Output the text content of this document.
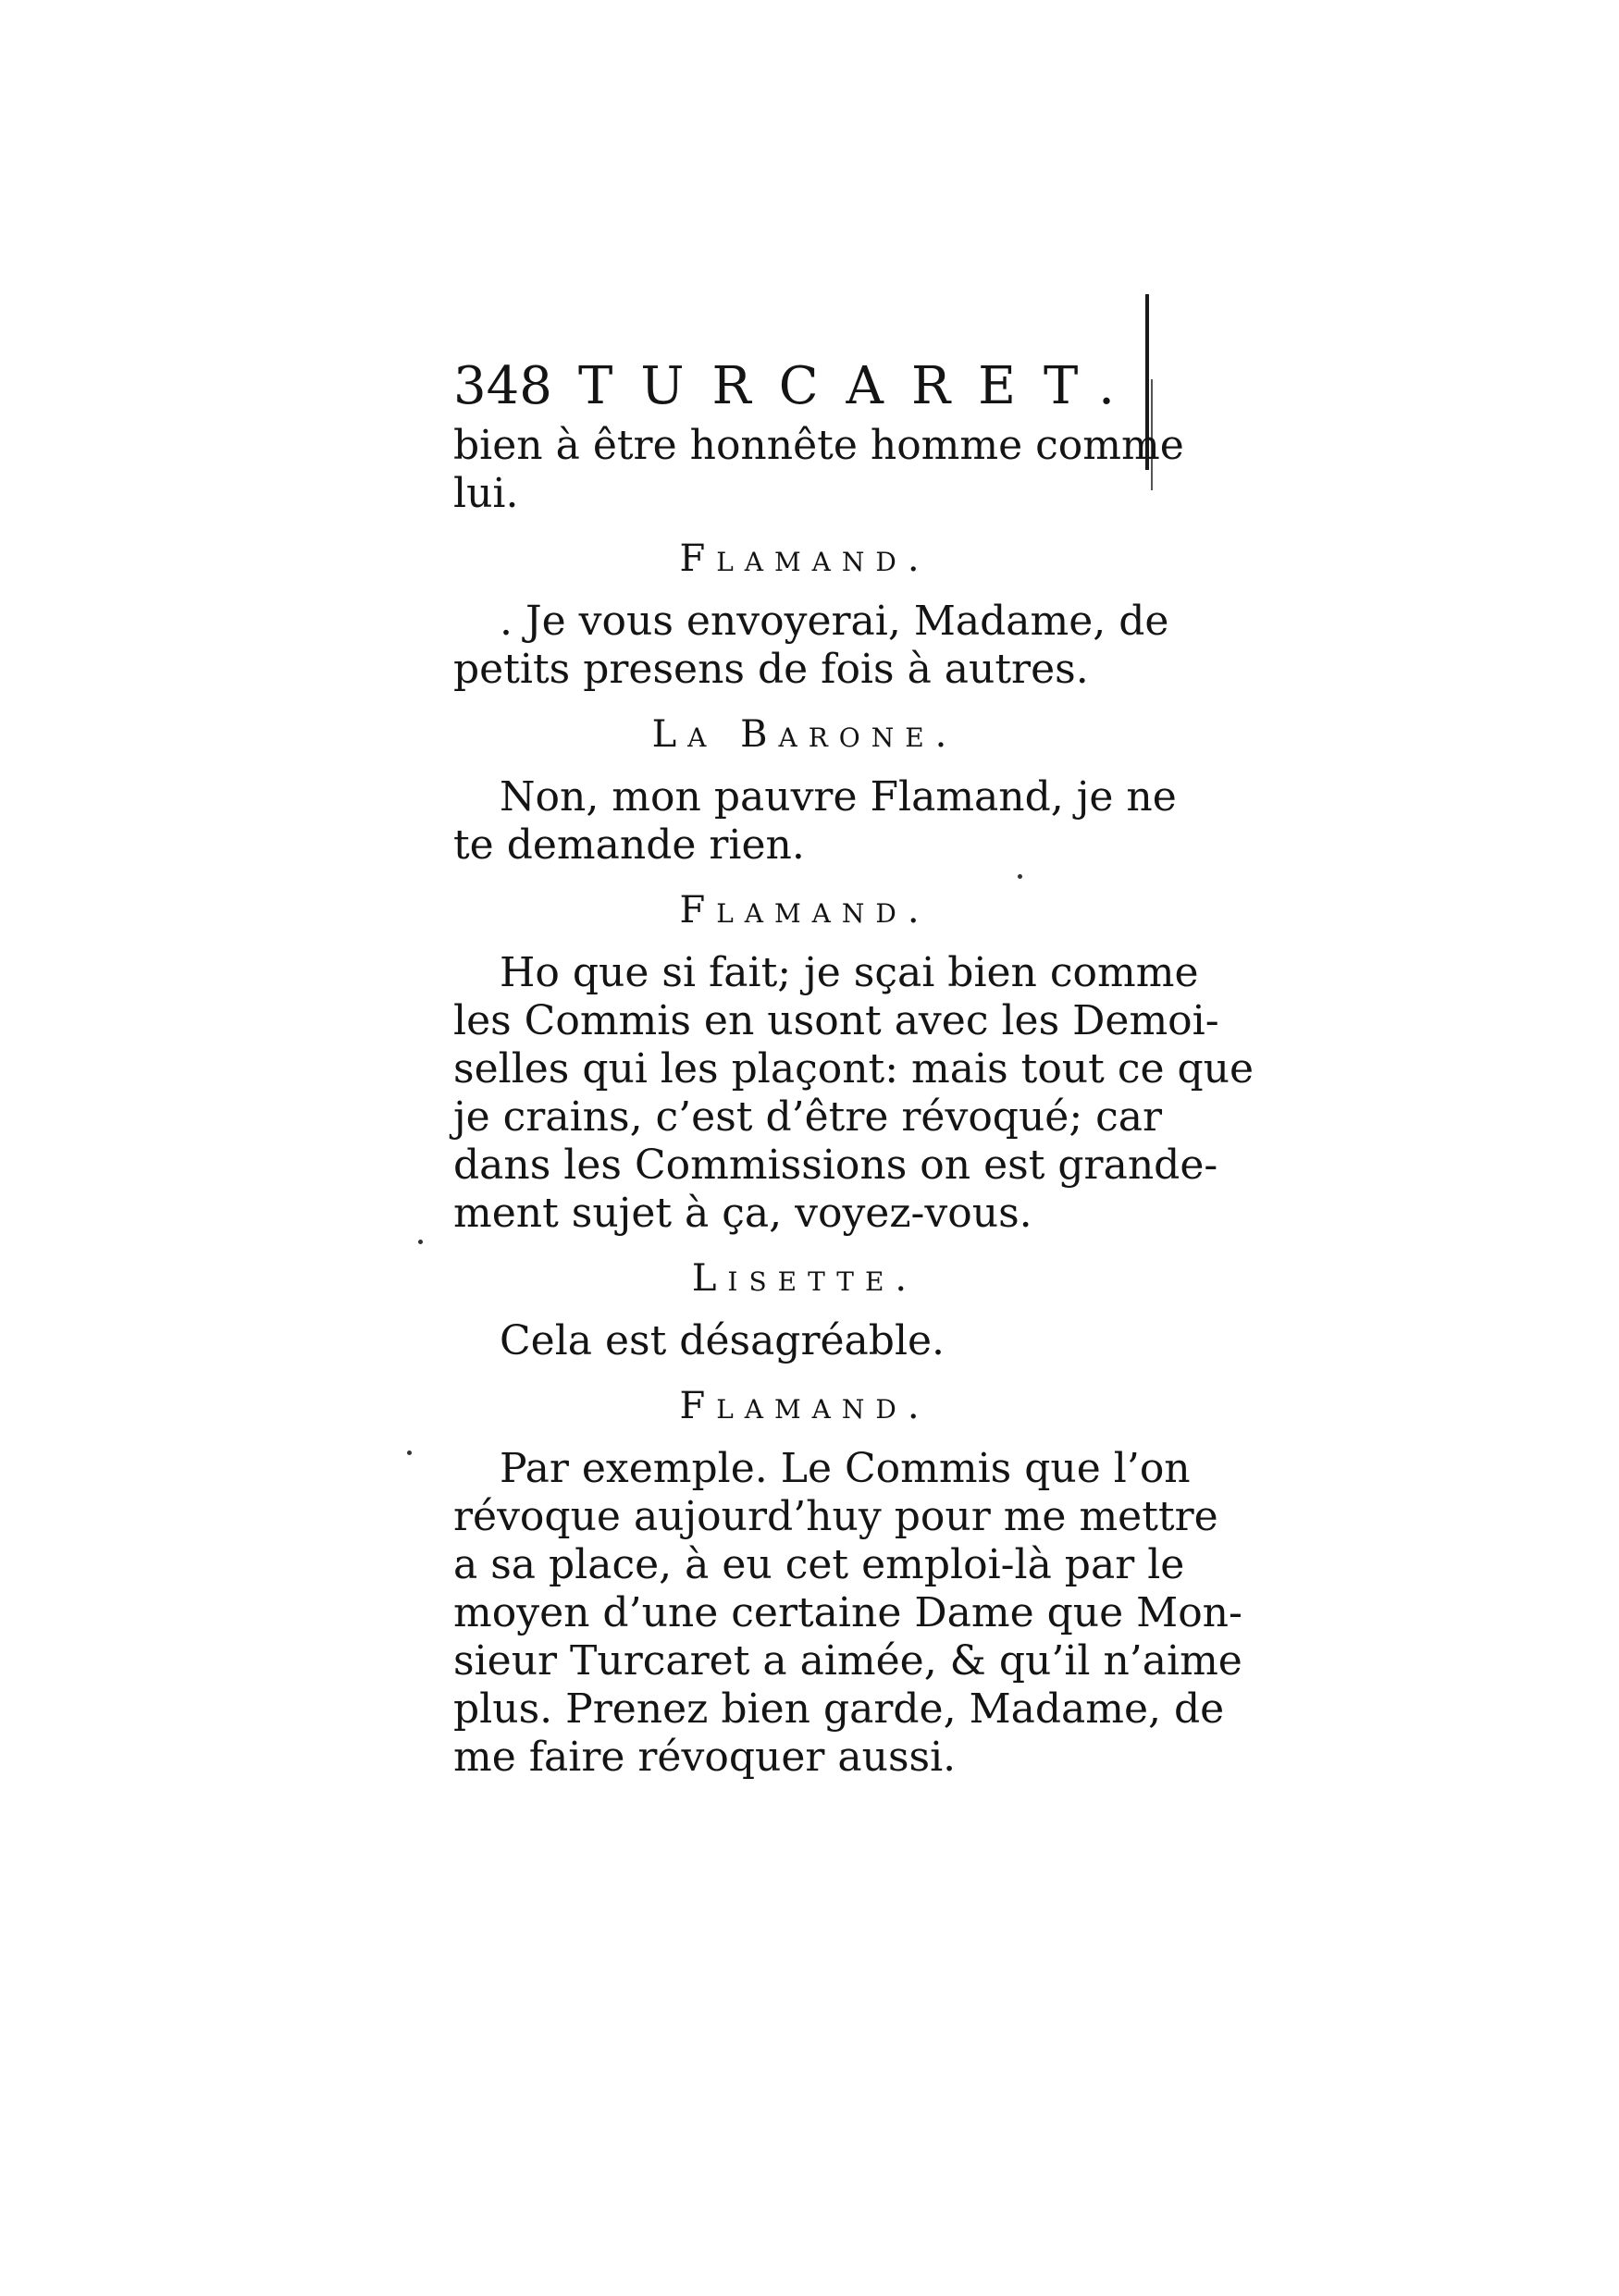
348 TURCARET.
bien à être honnête homme comme
lui.
Flamand.
. Je vous envoyerai, Madame, de
petits presens de fois à autres.
La Barone.
Non, mon pauvre Flamand, je ne
te demande rien.
Flamand.
Ho que si fait; je sçai bien comme
les Commis en usont avec les Demoi-
selles qui les plaçont: mais tout ce que
je crains, c’est d’être révoqué; car
dans les Commissions on est grande-
ment sujet à ça, voyez-vous.
Lisette.
Cela est désagréable.
Flamand.
Par exemple. Le Commis que l’on
révoque aujourd’huy pour me mettre
a sa place, à eu cet emploi-là par le
moyen d’une certaine Dame que Mon-
sieur Turcaret a aimée, & qu’il n’aime
plus. Prenez bien garde, Madame, de
me faire révoquer aussi.
